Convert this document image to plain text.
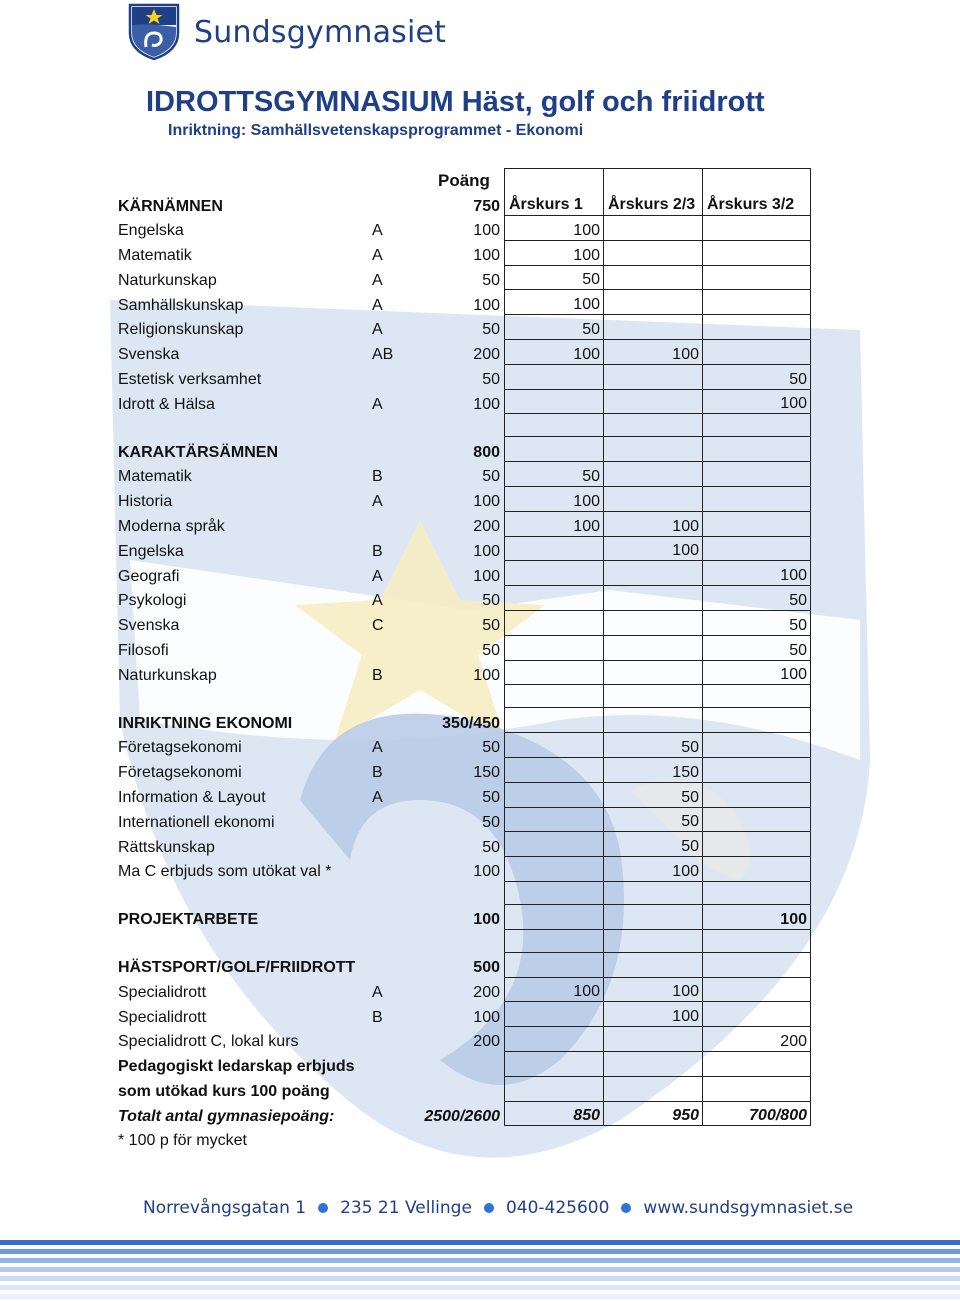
Sundsgymnasiet
IDROTTSGYMNASIUM Häst, golf och friidrott
Inriktning: Samhällsvetenskapsprogrammet - Ekonomi
Poäng
KÄRNÄMNEN		750	Årskurs 1	Årskurs 2/3	Årskurs 3/2
Engelska	A	100	100		
Matematik	A	100	100		
Naturkunskap	A	50	50		
Samhällskunskap	A	100	100		
Religionskunskap	A	50	50		
Svenska	AB	200	100	100	
Estetisk verksamhet		50			50
Idrott & Hälsa	A	100			100

KARAKTÄRSÄMNEN		800			
Matematik	B	50	50		
Historia	A	100	100		
Moderna språk		200	100	100	
Engelska	B	100		100	
Geografi	A	100			100
Psykologi	A	50			50
Svenska	C	50			50
Filosofi		50			50
Naturkunskap	B	100			100

INRIKTNING EKONOMI		350/450			
Företagsekonomi	A	50		50	
Företagsekonomi	B	150		150	
Information & Layout	A	50		50	
Internationell ekonomi		50		50	
Rättskunskap		50		50	
Ma C erbjuds som utökat val *		100		100	

PROJEKTARBETE		100			100

HÄSTSPORT/GOLF/FRIIDROTT		500			
Specialidrott	A	200	100	100	
Specialidrott	B	100		100	
Specialidrott C, lokal kurs		200			200
Pedagogiskt ledarskap erbjuds					
som utökad kurs 100 poäng					
Totalt antal gymnasiepoäng:		2500/2600	850	950	700/800
* 100 p för mycket					
Norrevångsgatan 1 235 21 Vellinge 040-425600 www.sundsgymnasiet.se
